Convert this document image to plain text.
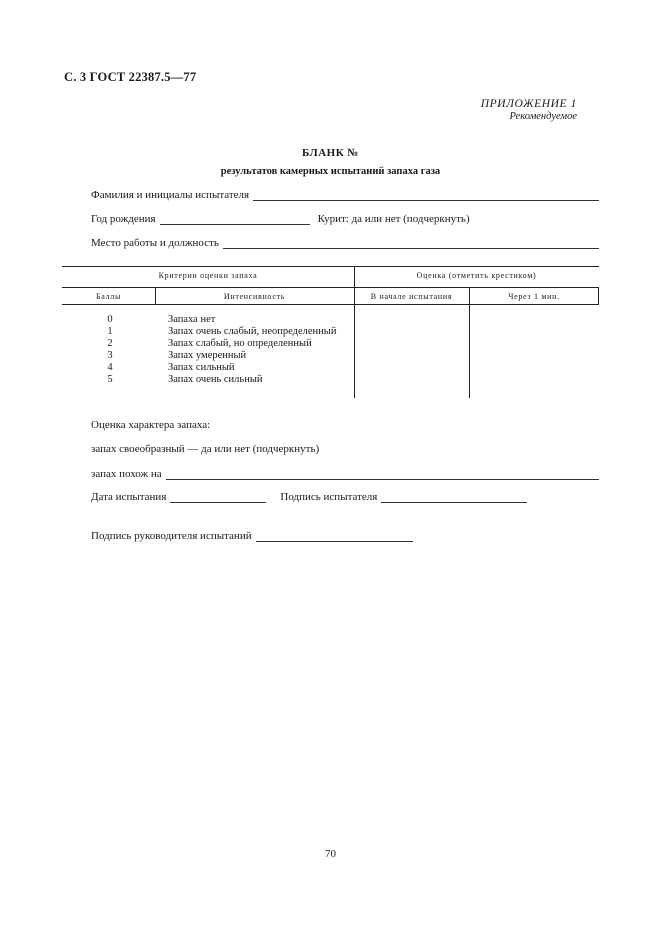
С. 3 ГОСТ 22387.5—77
ПРИЛОЖЕНИЕ 1
Рекомендуемое
БЛАНК №
результатов камерных испытаний запаха газа
Фамилия и инициалы испытателя
Год рождения	Курит: да или нет (подчеркнуть)
Место работы и должность
Критерии оценки запаха	Оценка (отметить крестиком)
Баллы	Интенсивность	В начале испытания	Через 1 мин.
0	Запаха нет
1	Запах очень слабый, неопределенный
2	Запах слабый, но определенный
3	Запах умеренный
4	Запах сильный
5	Запах очень сильный
Оценка характера запаха:
запах своеобразный — да или нет (подчеркнуть)
запах похож на
Дата испытания	Подпись испытателя
Подпись руководителя испытаний
70
